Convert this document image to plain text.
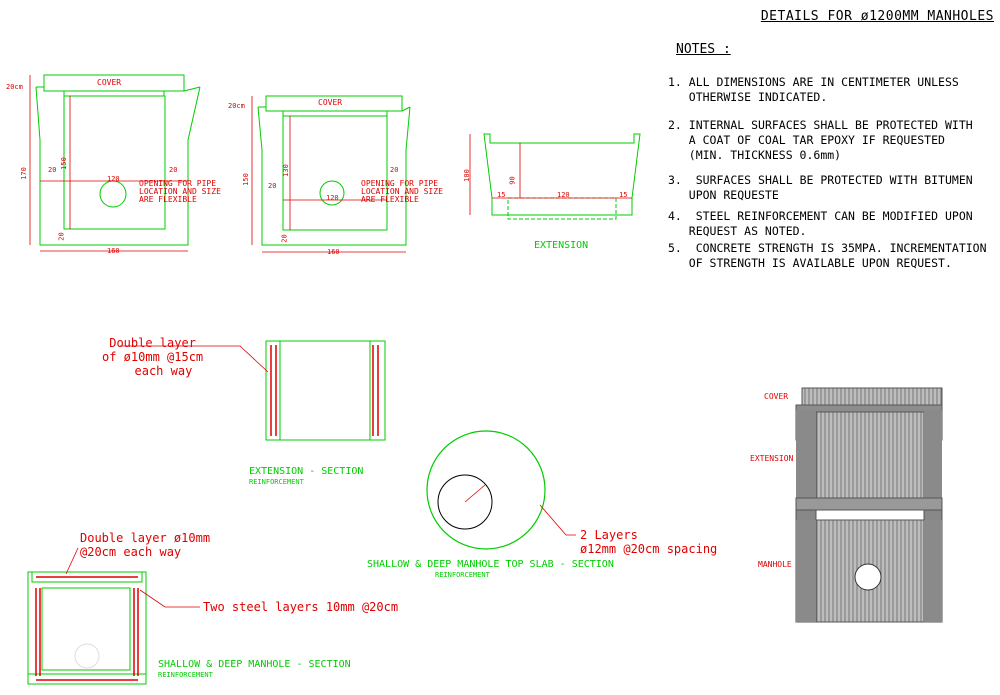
DETAILS FOR ø1200MM MANHOLES
NOTES :
1. ALL DIMENSIONS ARE IN CENTIMETER UNLESS
OTHERWISE INDICATED.
2. INTERNAL SURFACES SHALL BE PROTECTED WITH
A COAT OF COAL TAR EPOXY IF REQUESTED
(MIN. THICKNESS 0.6mm)
3.  SURFACES SHALL BE PROTECTED WITH BITUMEN
UPON REQUESTE
4.  STEEL REINFORCEMENT CAN BE MODIFIED UPON
REQUEST AS NOTED.
5.  CONCRETE STRENGTH IS 35MPA. INCREMENTATION
OF STRENGTH IS AVAILABLE UPON REQUEST.
COVER
20cm
170
150
20	20
120
20
160
OPENING FOR PIPE
LOCATION AND SIZE
ARE FLEXIBLE
COVER
20cm
150
130
20
20
120
20
160
OPENING FOR PIPE
LOCATION AND SIZE
ARE FLEXIBLE
100	90
15	120	15
EXTENSION
Double layer
of ø10mm @15cm
each way
EXTENSION - SECTION
REINFORCEMENT
2 Layers
ø12mm @20cm spacing
SHALLOW & DEEP MANHOLE TOP SLAB - SECTION
REINFORCEMENT
Double layer ø10mm
@20cm each way
Two steel layers 10mm @20cm
SHALLOW & DEEP MANHOLE - SECTION
REINFORCEMENT
COVER
EXTENSION
MANHOLE
